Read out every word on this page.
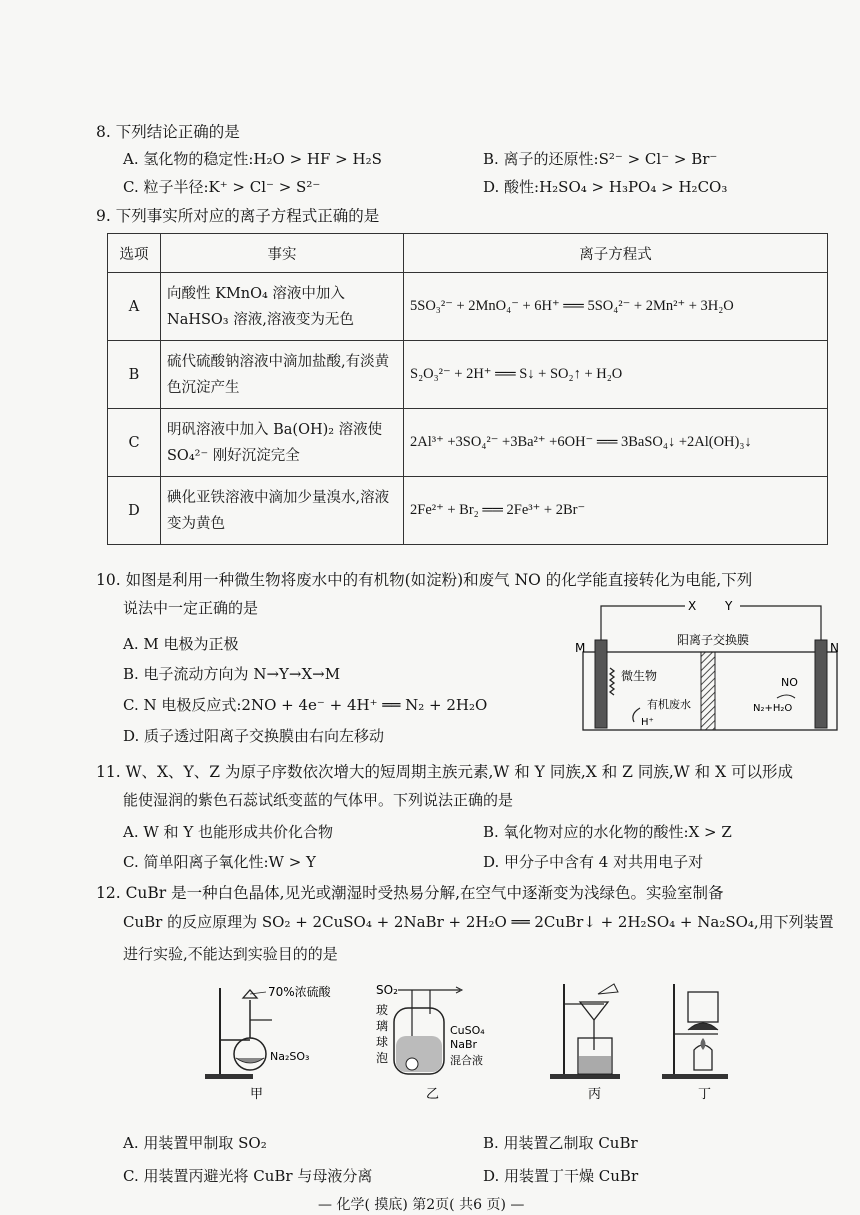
8. 下列结论正确的是
A. 氢化物的稳定性:H₂O > HF > H₂S	B. 离子的还原性:S²⁻ > Cl⁻ > Br⁻
C. 粒子半径:K⁺ > Cl⁻ > S²⁻	D. 酸性:H₂SO₄ > H₃PO₄ > H₂CO₃
9. 下列事实所对应的离子方程式正确的是
选项	事实	离子方程式
A	向酸性 KMnO₄ 溶液中加入 NaHSO₃ 溶液,溶液变为无色	5SO₃²⁻ + 2MnO₄⁻ + 6H⁺ ══ 5SO₄²⁻ + 2Mn²⁺ + 3H₂O
B	硫代硫酸钠溶液中滴加盐酸,有淡黄色沉淀产生	S₂O₃²⁻ + 2H⁺ ══ S↓ + SO₂↑ + H₂O
C	明矾溶液中加入 Ba(OH)₂ 溶液使 SO₄²⁻ 刚好沉淀完全	2Al³⁺ +3SO₄²⁻ +3Ba²⁺ +6OH⁻ ══ 3BaSO₄↓ +2Al(OH)₃↓
D	碘化亚铁溶液中滴加少量溴水,溶液变为黄色	2Fe²⁺ + Br₂ ══ 2Fe³⁺ + 2Br⁻
10. 如图是利用一种微生物将废水中的有机物(如淀粉)和废气 NO 的化学能直接转化为电能,下列
说法中一定正确的是
A. M 电极为正极
B. 电子流动方向为 N→Y→X→M
C. N 电极反应式:2NO + 4e⁻ + 4H⁺ ══ N₂ + 2H₂O
D. 质子透过阳离子交换膜由右向左移动
X Y
M	N
阳离子交换膜
微生物
有机废水
H⁺
NO
N₂+H₂O
11. W、X、Y、Z 为原子序数依次增大的短周期主族元素,W 和 Y 同族,X 和 Z 同族,W 和 X 可以形成
能使湿润的紫色石蕊试纸变蓝的气体甲。下列说法正确的是
A. W 和 Y 也能形成共价化合物	B. 氧化物对应的水化物的酸性:X > Z
C. 简单阳离子氧化性:W > Y	D. 甲分子中含有 4 对共用电子对
12. CuBr 是一种白色晶体,见光或潮湿时受热易分解,在空气中逐渐变为浅绿色。实验室制备
CuBr 的反应原理为 SO₂ + 2CuSO₄ + 2NaBr + 2H₂O ══ 2CuBr↓ + 2H₂SO₄ + Na₂SO₄,用下列装置
进行实验,不能达到实验目的的是
70%浓硫酸
Na₂SO₃
甲
SO₂
玻
璃
球
泡
CuSO₄
NaBr
混合液
乙	丙	丁
A. 用装置甲制取 SO₂	B. 用装置乙制取 CuBr
C. 用装置丙避光将 CuBr 与母液分离	D. 用装置丁干燥 CuBr
— 化学( 摸底) 第2页( 共6 页) —
